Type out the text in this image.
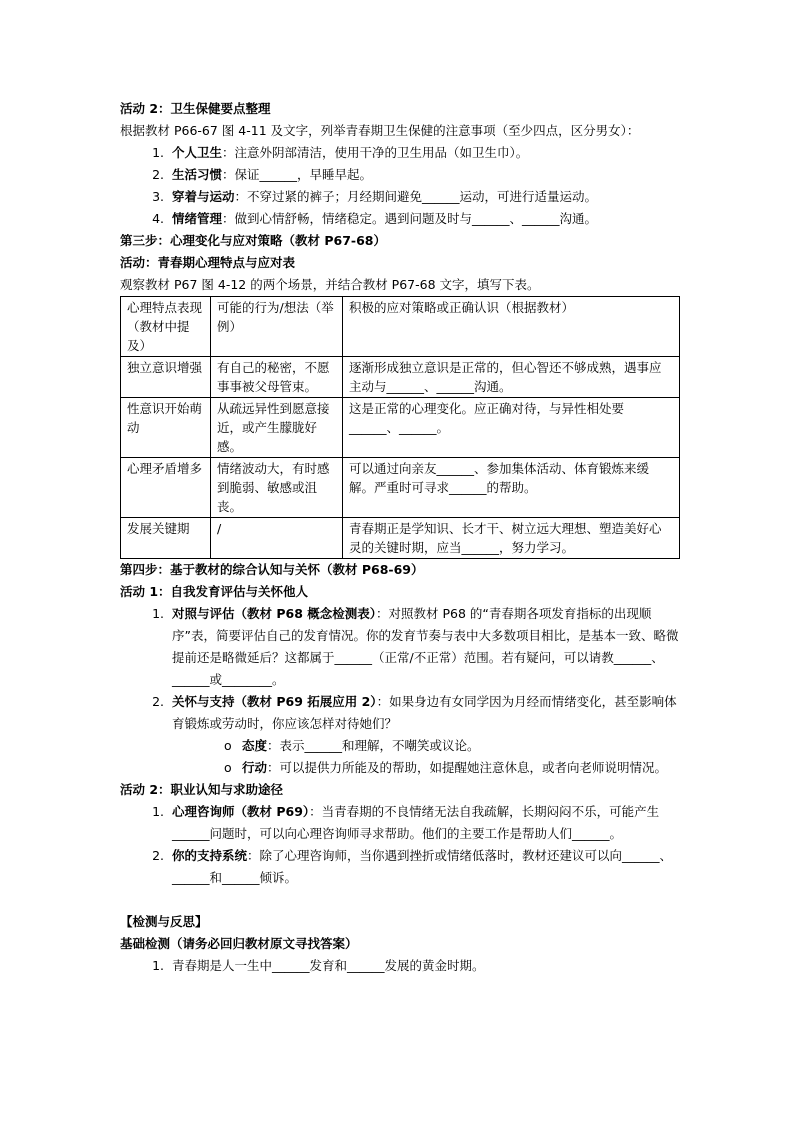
活动 2：卫生保健要点整理

根据教材 P66-67 图 4-11 及文字，列举青春期卫生保健的注意事项（至少四点，区分男女）：

1. 个人卫生：注意外阴部清洁，使用干净的卫生用品（如卫生巾）。
2. 生活习惯：保证______，早睡早起。
3. 穿着与运动：不穿过紧的裤子；月经期间避免______运动，可进行适量运动。
4. 情绪管理：做到心情舒畅，情绪稳定。遇到问题及时与______、______沟通。

第三步：心理变化与应对策略（教材 P67-68）

活动：青春期心理特点与应对表

观察教材 P67 图 4-12 的两个场景，并结合教材 P67-68 文字，填写下表。

心理特点表现（教材中提及）	可能的行为/想法（举例）	积极的应对策略或正确认识（根据教材）
独立意识增强	有自己的秘密，不愿事事被父母管束。	逐渐形成独立意识是正常的，但心智还不够成熟，遇事应主动与______、______沟通。
性意识开始萌动	从疏远异性到愿意接近，或产生朦胧好感。	这是正常的心理变化。应正确对待，与异性相处要______、______。
心理矛盾增多	情绪波动大，有时感到脆弱、敏感或沮丧。	可以通过向亲友______、参加集体活动、体育锻炼来缓解。严重时可寻求______的帮助。
发展关键期	/	青春期正是学知识、长才干、树立远大理想、塑造美好心灵的关键时期，应当______，努力学习。

第四步：基于教材的综合认知与关怀（教材 P68-69）

活动 1：自我发育评估与关怀他人

1. 对照与评估（教材 P68 概念检测表）：对照教材 P68 的“青春期各项发育指标的出现顺序”表，简要评估自己的发育情况。你的发育节奏与表中大多数项目相比，是基本一致、略微提前还是略微延后？这都属于______（正常/不正常）范围。若有疑问，可以请教______、______或________。
2. 关怀与支持（教材 P69 拓展应用 2）：如果身边有女同学因为月经而情绪变化，甚至影响体育锻炼或劳动时，你应该怎样对待她们？
o 态度：表示______和理解，不嘲笑或议论。
o 行动：可以提供力所能及的帮助，如提醒她注意休息，或者向老师说明情况。

活动 2：职业认知与求助途径

1. 心理咨询师（教材 P69）：当青春期的不良情绪无法自我疏解，长期闷闷不乐，可能产生______问题时，可以向心理咨询师寻求帮助。他们的主要工作是帮助人们______。
2. 你的支持系统：除了心理咨询师，当你遇到挫折或情绪低落时，教材还建议可以向______、______和______倾诉。

【检测与反思】

基础检测（请务必回归教材原文寻找答案）

1. 青春期是人一生中______发育和______发展的黄金时期。
